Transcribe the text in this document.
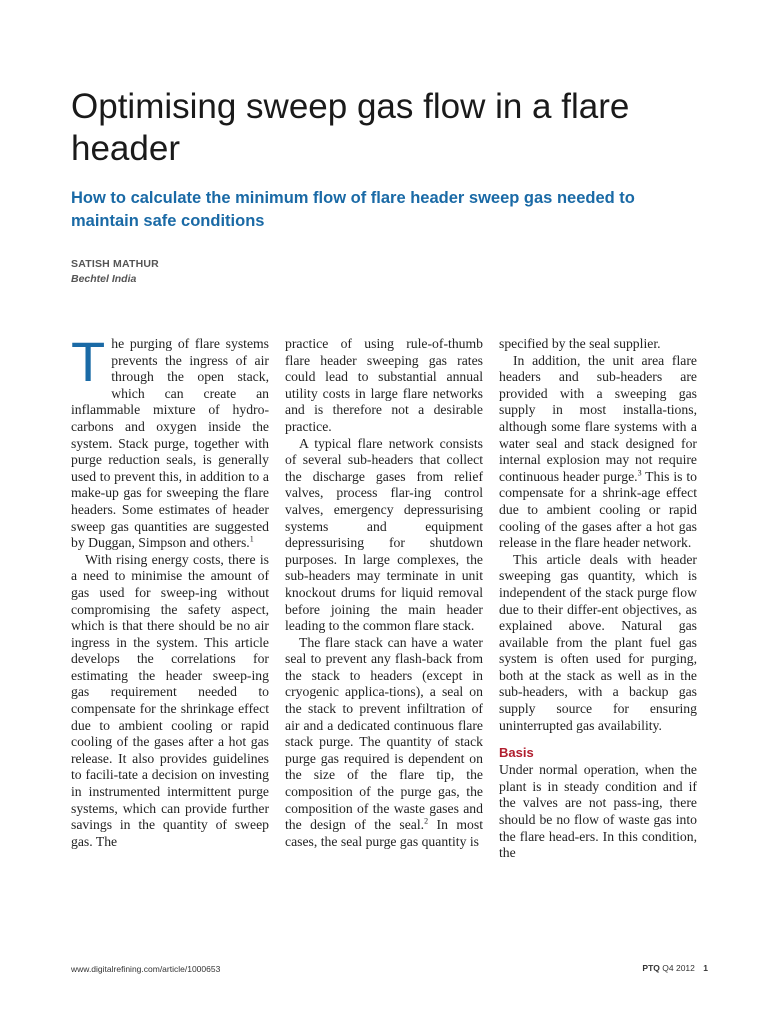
Optimising sweep gas flow in a flare header
How to calculate the minimum flow of flare header sweep gas needed to maintain safe conditions
SATISH MATHUR
Bechtel India

The purging of flare systems prevents the ingress of air through the open stack, which can create an inflammable mixture of hydro-carbons and oxygen inside the system. Stack purge, together with purge reduction seals, is generally used to prevent this, in addition to a make-up gas for sweeping the flare headers. Some estimates of header sweep gas quantities are suggested by Duggan, Simpson and others.$^1$

With rising energy costs, there is a need to minimise the amount of gas used for sweep-ing without compromising the safety aspect, which is that there should be no air ingress in the system. This article develops the correlations for estimating the header sweep-ing gas requirement needed to compensate for the shrinkage effect due to ambient cooling or rapid cooling of the gases after a hot gas release. It also provides guidelines to facili-tate a decision on investing in instrumented intermittent purge systems, which can provide further savings in the quantity of sweep gas. The

practice of using rule-of-thumb flare header sweeping gas rates could lead to substantial annual utility costs in large flare networks and is therefore not a desirable practice.

A typical flare network consists of several sub-headers that collect the discharge gases from relief valves, process flar-ing control valves, emergency depressurising systems and equipment depressurising for shutdown purposes. In large complexes, the sub-headers may terminate in unit knockout drums for liquid removal before joining the main header leading to the common flare stack.

The flare stack can have a water seal to prevent any flash-back from the stack to headers (except in cryogenic applica-tions), a seal on the stack to prevent infiltration of air and a dedicated continuous flare stack purge. The quantity of stack purge gas required is dependent on the size of the flare tip, the composition of the purge gas, the composition of the waste gases and the design of the seal.$^2$ In most cases, the seal purge gas quantity is

specified by the seal supplier.

In addition, the unit area flare headers and sub-headers are provided with a sweeping gas supply in most installa-tions, although some flare systems with a water seal and stack designed for internal explosion may not require continuous header purge.$^3$ This is to compensate for a shrink-age effect due to ambient cooling or rapid cooling of the gases after a hot gas release in the flare header network.

This article deals with header sweeping gas quantity, which is independent of the stack purge flow due to their differ-ent objectives, as explained above. Natural gas available from the plant fuel gas system is often used for purging, both at the stack as well as in the sub-headers, with a backup gas supply source for ensuring uninterrupted gas availability.

Basis

Under normal operation, when the plant is in steady condition and if the valves are not pass-ing, there should be no flow of waste gas into the flare head-ers. In this condition, the

www.digitalrefining.com/article/1000653	PTQ Q4 2012 1
